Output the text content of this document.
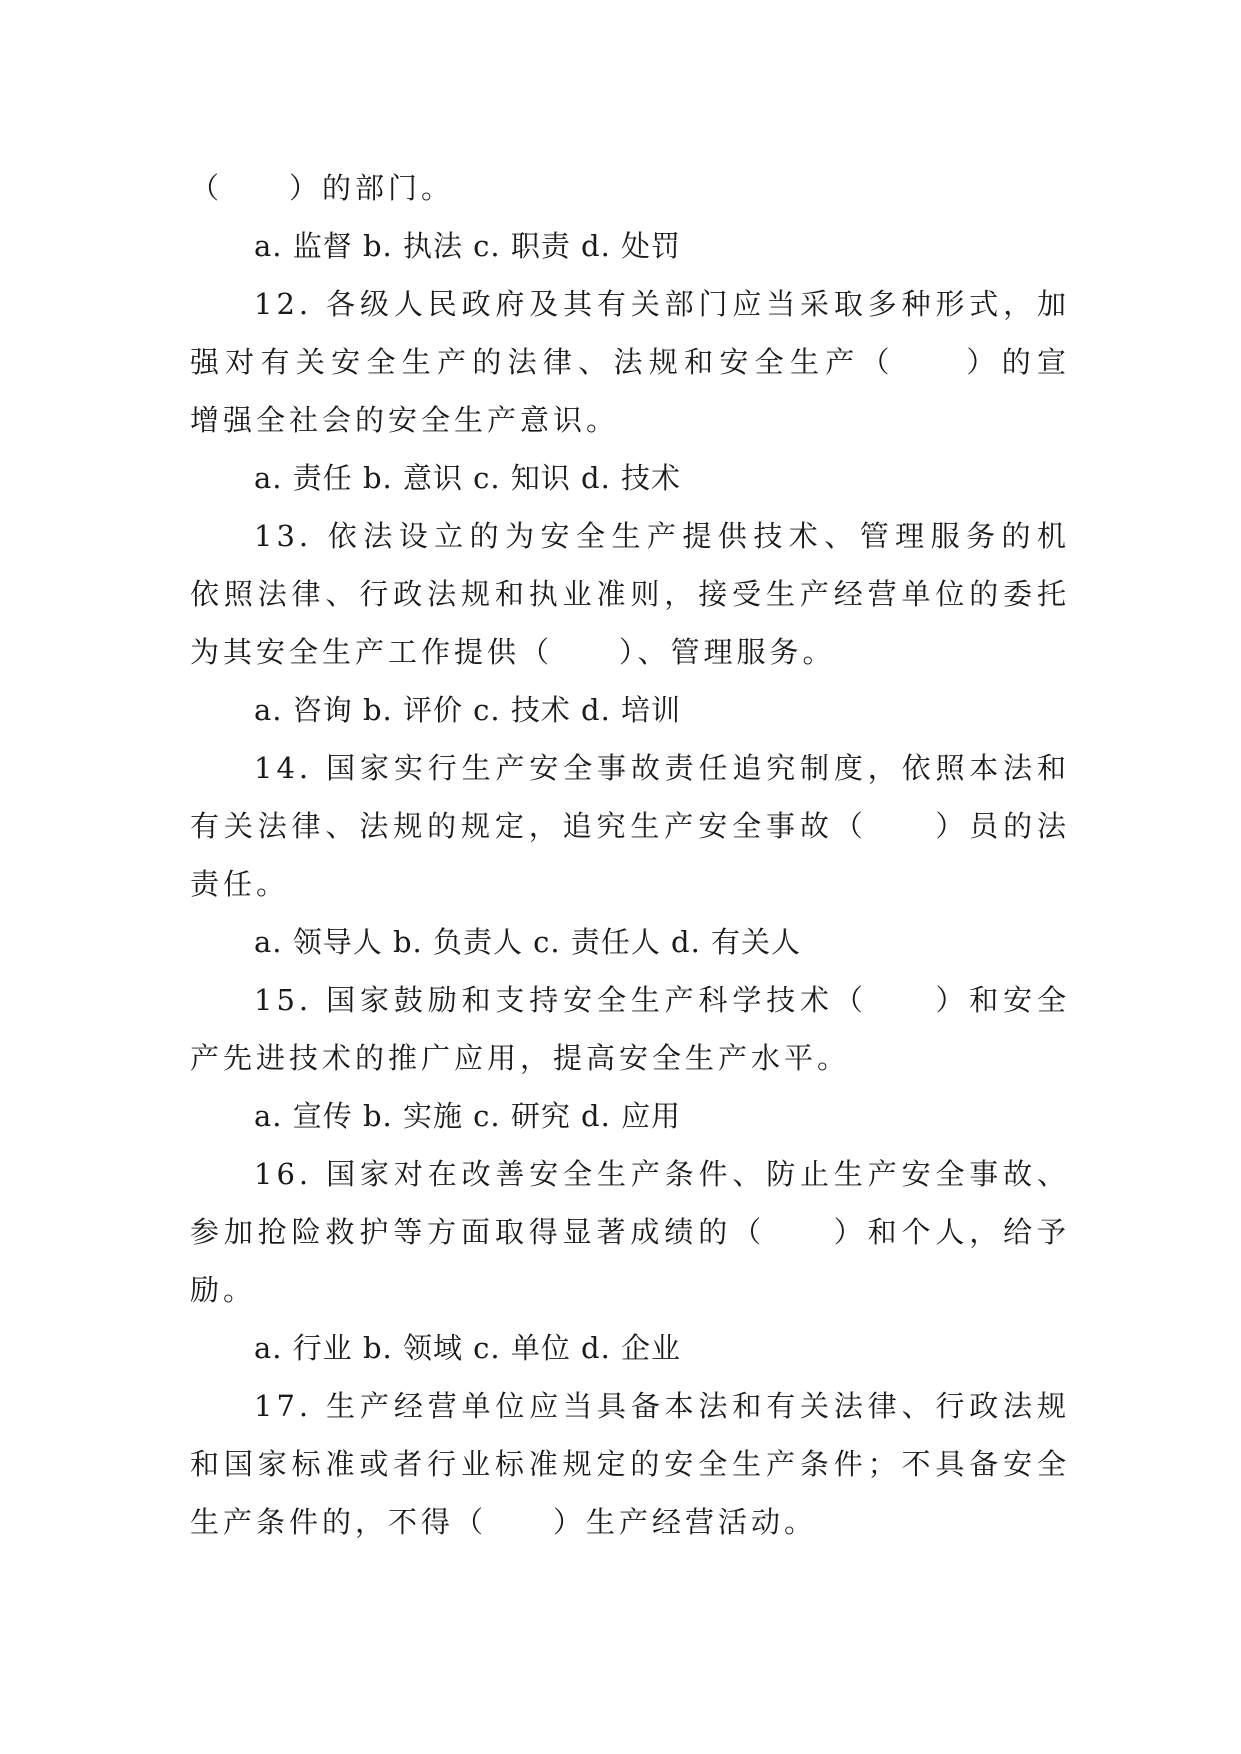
（　　）的部门。
a. 监督 b. 执法 c. 职责 d. 处罚
12. 各级人民政府及其有关部门应当采取多种形式，加
强对有关安全生产的法律、法规和安全生产（　　）的宣
增强全社会的安全生产意识。
a. 责任 b. 意识 c. 知识 d. 技术
13. 依法设立的为安全生产提供技术、管理服务的机
依照法律、行政法规和执业准则，接受生产经营单位的委托
为其安全生产工作提供（　　）、管理服务。
a. 咨询 b. 评价 c. 技术 d. 培训
14. 国家实行生产安全事故责任追究制度，依照本法和
有关法律、法规的规定，追究生产安全事故（　　）员的法
责任。
a. 领导人 b. 负责人 c. 责任人 d. 有关人
15. 国家鼓励和支持安全生产科学技术（　　）和安全
产先进技术的推广应用，提高安全生产水平。
a. 宣传 b. 实施 c. 研究 d. 应用
16. 国家对在改善安全生产条件、防止生产安全事故、
参加抢险救护等方面取得显著成绩的（　　）和个人，给予
励。
a. 行业 b. 领域 c. 单位 d. 企业
17. 生产经营单位应当具备本法和有关法律、行政法规
和国家标准或者行业标准规定的安全生产条件；不具备安全
生产条件的，不得（　　）生产经营活动。
